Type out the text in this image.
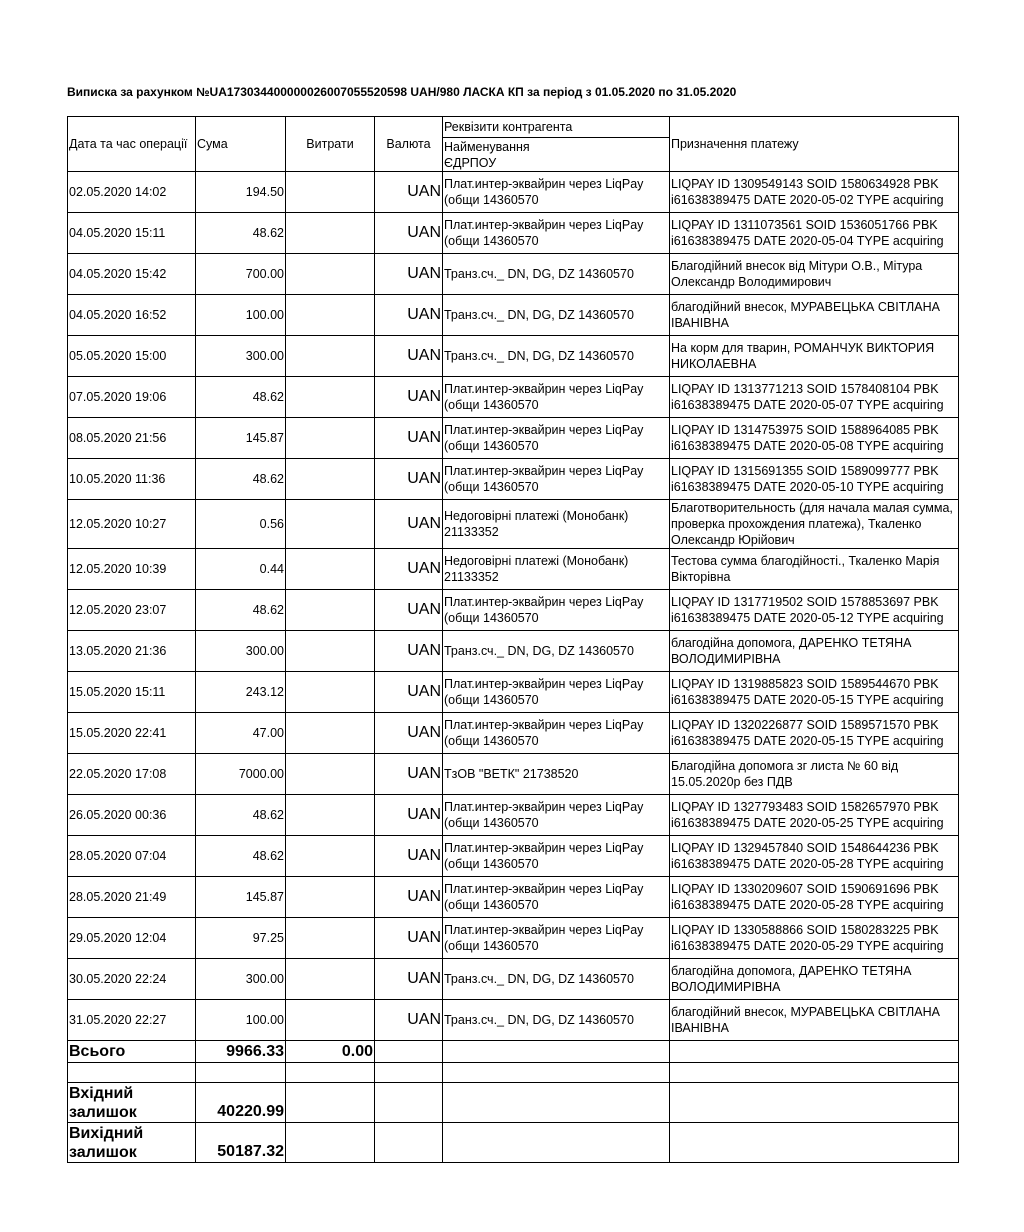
Виписка за рахунком №UA173034400000026007055520598 UAH/980 ЛАСКА КП за період з 01.05.2020 по 31.05.2020
Дата та час операції	Сума	Витрати	Валюта	Реквізити контрагента	Призначення платежу

				Найменування
ЄДРПОУ	

02.05.2020 14:02	194.50		UAN	Плат.интер-эквайрин через LiqPay (общи 14360570	LIQPAY ID 1309549143 SOID 1580634928 PBK i61638389475 DATE 2020-05-02 TYPE acquiring
04.05.2020 15:11	48.62		UAN	Плат.интер-эквайрин через LiqPay (общи 14360570	LIQPAY ID 1311073561 SOID 1536051766 PBK i61638389475 DATE 2020-05-04 TYPE acquiring
04.05.2020 15:42	700.00		UAN	Транз.сч._ DN, DG, DZ 14360570	Благодійний внесок від Мітури О.В., Мітура Олександр Володимирович
04.05.2020 16:52	100.00		UAN	Транз.сч._ DN, DG, DZ 14360570	благодійний внесок, МУРАВЕЦЬКА СВІТЛАНА ІВАНІВНА
05.05.2020 15:00	300.00		UAN	Транз.сч._ DN, DG, DZ 14360570	На корм для тварин, РОМАНЧУК ВИКТОРИЯ НИКОЛАЕВНА
07.05.2020 19:06	48.62		UAN	Плат.интер-эквайрин через LiqPay (общи 14360570	LIQPAY ID 1313771213 SOID 1578408104 PBK i61638389475 DATE 2020-05-07 TYPE acquiring
08.05.2020 21:56	145.87		UAN	Плат.интер-эквайрин через LiqPay (общи 14360570	LIQPAY ID 1314753975 SOID 1588964085 PBK i61638389475 DATE 2020-05-08 TYPE acquiring
10.05.2020 11:36	48.62		UAN	Плат.интер-эквайрин через LiqPay (общи 14360570	LIQPAY ID 1315691355 SOID 1589099777 PBK i61638389475 DATE 2020-05-10 TYPE acquiring
12.05.2020 10:27	0.56		UAN	Недоговірні платежі (Монобанк) 21133352	Благотворительность (для начала малая сумма, проверка прохождения платежа), Ткаленко Олександр Юрійович
12.05.2020 10:39	0.44		UAN	Недоговірні платежі (Монобанк) 21133352	Тестова сумма благодійності., Ткаленко Марія Вікторівна
12.05.2020 23:07	48.62		UAN	Плат.интер-эквайрин через LiqPay (общи 14360570	LIQPAY ID 1317719502 SOID 1578853697 PBK i61638389475 DATE 2020-05-12 TYPE acquiring
13.05.2020 21:36	300.00		UAN	Транз.сч._ DN, DG, DZ 14360570	благодійна допомога, ДАРЕНКО ТЕТЯНА ВОЛОДИМИРІВНА
15.05.2020 15:11	243.12		UAN	Плат.интер-эквайрин через LiqPay (общи 14360570	LIQPAY ID 1319885823 SOID 1589544670 PBK i61638389475 DATE 2020-05-15 TYPE acquiring
15.05.2020 22:41	47.00		UAN	Плат.интер-эквайрин через LiqPay (общи 14360570	LIQPAY ID 1320226877 SOID 1589571570 PBK i61638389475 DATE 2020-05-15 TYPE acquiring
22.05.2020 17:08	7000.00		UAN	ТзОВ "ВЕТК" 21738520	Благодійна допомога зг листа № 60 від 15.05.2020р без ПДВ
26.05.2020 00:36	48.62		UAN	Плат.интер-эквайрин через LiqPay (общи 14360570	LIQPAY ID 1327793483 SOID 1582657970 PBK i61638389475 DATE 2020-05-25 TYPE acquiring
28.05.2020 07:04	48.62		UAN	Плат.интер-эквайрин через LiqPay (общи 14360570	LIQPAY ID 1329457840 SOID 1548644236 PBK i61638389475 DATE 2020-05-28 TYPE acquiring
28.05.2020 21:49	145.87		UAN	Плат.интер-эквайрин через LiqPay (общи 14360570	LIQPAY ID 1330209607 SOID 1590691696 PBK i61638389475 DATE 2020-05-28 TYPE acquiring
29.05.2020 12:04	97.25		UAN	Плат.интер-эквайрин через LiqPay (общи 14360570	LIQPAY ID 1330588866 SOID 1580283225 PBK i61638389475 DATE 2020-05-29 TYPE acquiring
30.05.2020 22:24	300.00		UAN	Транз.сч._ DN, DG, DZ 14360570	благодійна допомога, ДАРЕНКО ТЕТЯНА ВОЛОДИМИРІВНА
31.05.2020 22:27	100.00		UAN	Транз.сч._ DN, DG, DZ 14360570	благодійний внесок, МУРАВЕЦЬКА СВІТЛАНА ІВАНІВНА
Всього	9966.33	0.00			

Вхідний залишок	40220.99				
Вихідний залишок	50187.32				
